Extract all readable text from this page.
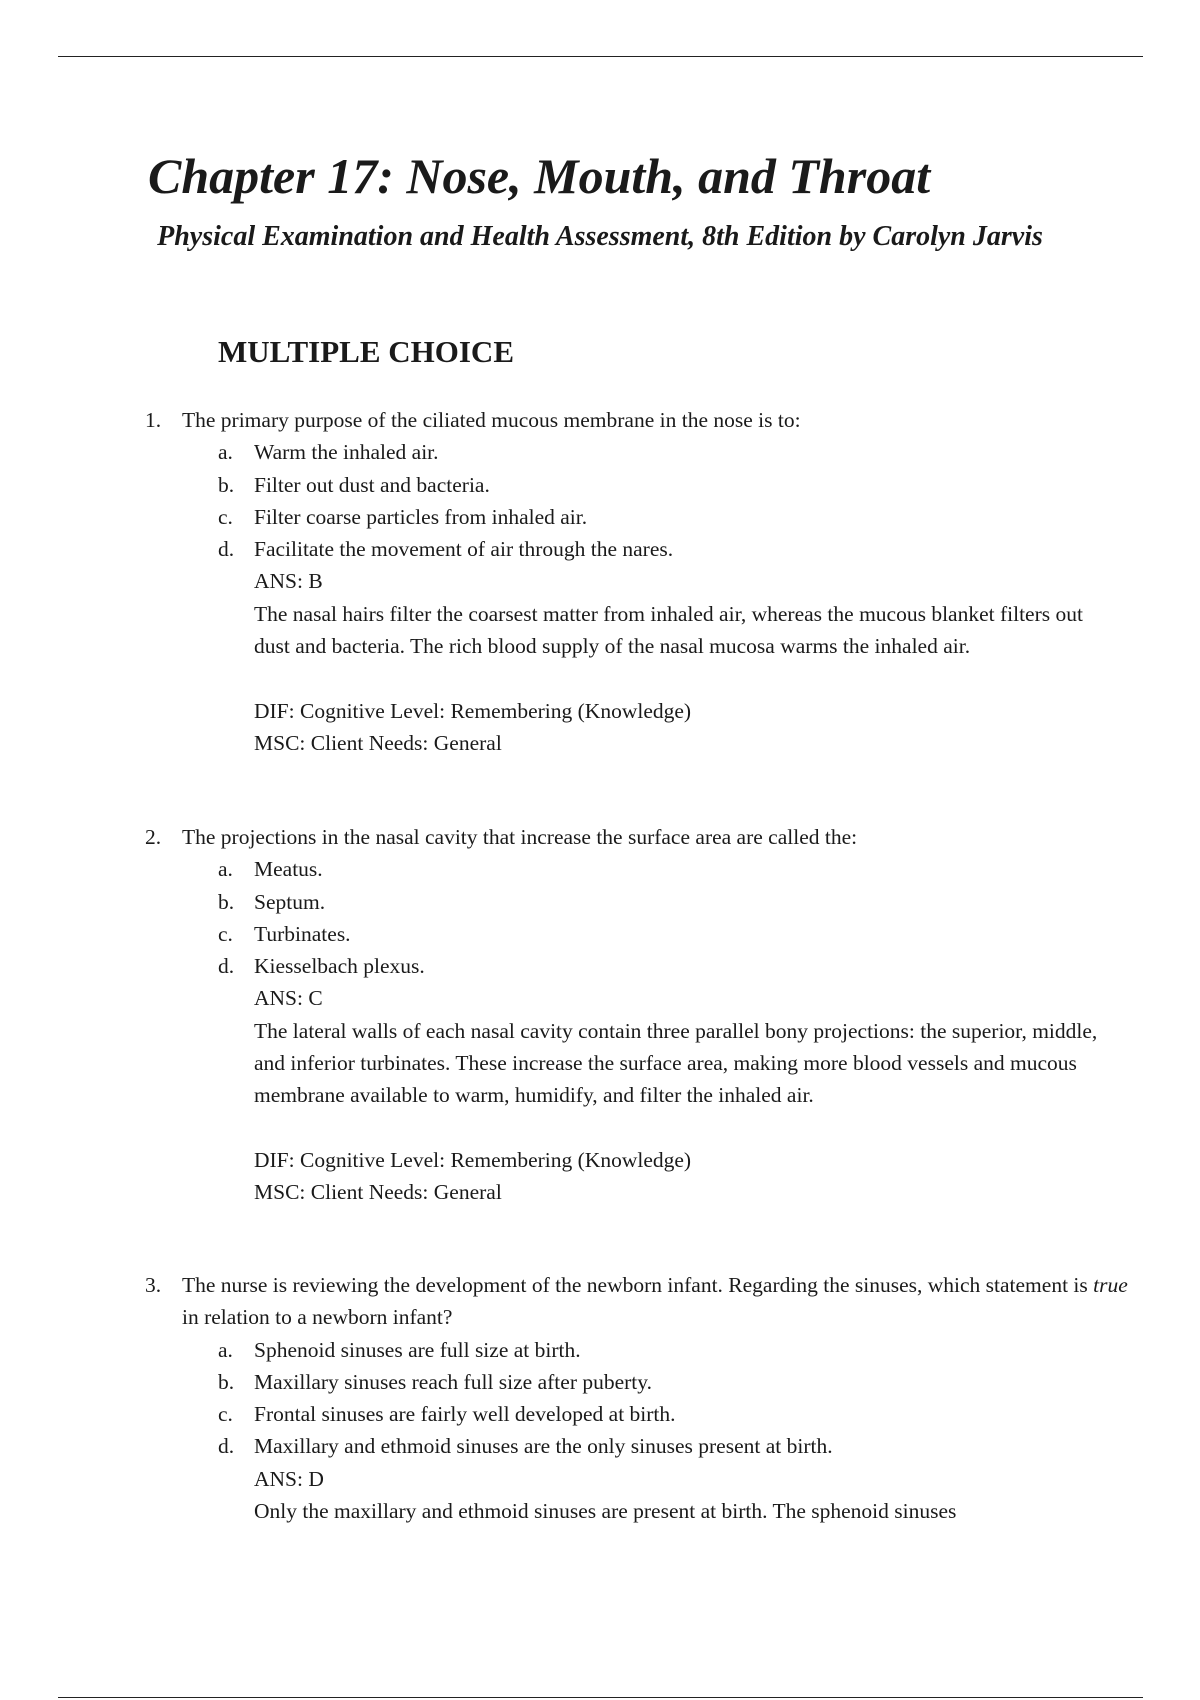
Chapter 17: Nose, Mouth, and Throat

Physical Examination and Health Assessment, 8th Edition by Carolyn Jarvis

MULTIPLE CHOICE
1. The primary purpose of the ciliated mucous membrane in the nose is to:
a. Warm the inhaled air.
b. Filter out dust and bacteria.
c. Filter coarse particles from inhaled air.
d. Facilitate the movement of air through the nares.
ANS: B
The nasal hairs filter the coarsest matter from inhaled air, whereas the mucous blanket filters out dust and bacteria. The rich blood supply of the nasal mucosa warms the inhaled air.
DIF: Cognitive Level: Remembering (Knowledge)
MSC: Client Needs: General
2. The projections in the nasal cavity that increase the surface area are called the:
a. Meatus.
b. Septum.
c. Turbinates.
d. Kiesselbach plexus.
ANS: C
The lateral walls of each nasal cavity contain three parallel bony projections: the superior, middle, and inferior turbinates. These increase the surface area, making more blood vessels and mucous membrane available to warm, humidify, and filter the inhaled air.
DIF: Cognitive Level: Remembering (Knowledge)
MSC: Client Needs: General
3. The nurse is reviewing the development of the newborn infant. Regarding the sinuses, which statement is true in relation to a newborn infant?
a. Sphenoid sinuses are full size at birth.
b. Maxillary sinuses reach full size after puberty.
c. Frontal sinuses are fairly well developed at birth.
d. Maxillary and ethmoid sinuses are the only sinuses present at birth.
ANS: D
Only the maxillary and ethmoid sinuses are present at birth. The sphenoid sinuses
